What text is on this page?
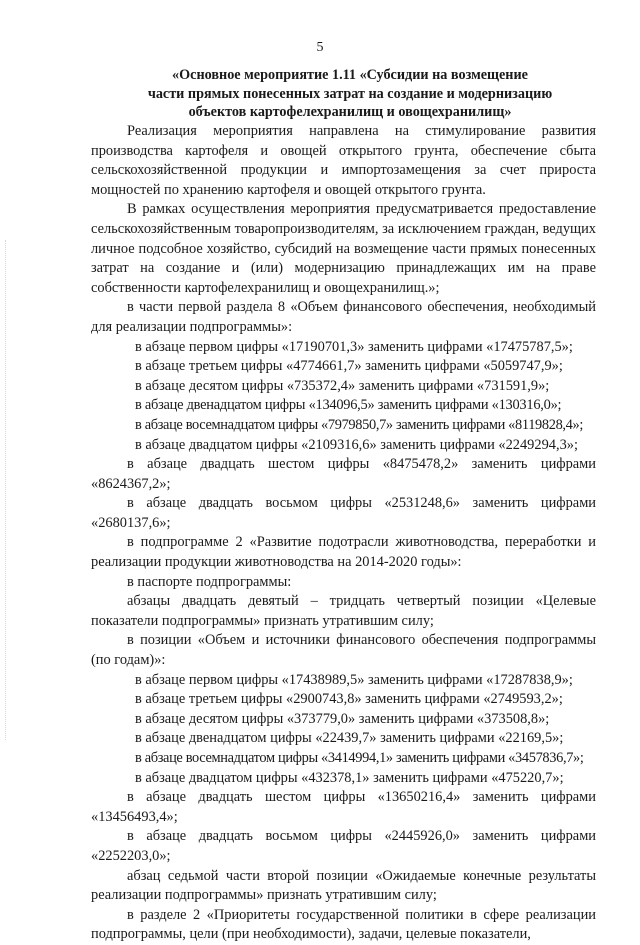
5
«Основное мероприятие 1.11 «Субсидии на возмещение
части прямых понесенных затрат на создание и модернизацию
объектов картофелехранилищ и овощехранилищ»

Реализация мероприятия направлена на стимулирование развития производства картофеля и овощей открытого грунта, обеспечение сбыта сельскохозяйственной продукции и импортозамещения за счет прироста мощностей по хранению картофеля и овощей открытого грунта.

В рамках осуществления мероприятия предусматривается предоставление сельскохозяйственным товаропроизводителям, за исключением граждан, ведущих личное подсобное хозяйство, субсидий на возмещение части прямых понесенных затрат на создание и (или) модернизацию принадлежащих им на праве собственности картофелехранилищ и овощехранилищ.»;

в части первой раздела 8 «Объем финансового обеспечения, необходимый для реализации подпрограммы»:

в абзаце первом цифры «17190701,3» заменить цифрами «17475787,5»;

в абзаце третьем цифры «4774661,7» заменить цифрами «5059747,9»;

в абзаце десятом цифры «735372,4» заменить цифрами «731591,9»;

в абзаце двенадцатом цифры «134096,5» заменить цифрами «130316,0»;

в абзаце восемнадцатом цифры «7979850,7» заменить цифрами «8119828,4»;

в абзаце двадцатом цифры «2109316,6» заменить цифрами «2249294,3»;

в абзаце двадцать шестом цифры «8475478,2» заменить цифрами «8624367,2»;

в абзаце двадцать восьмом цифры «2531248,6» заменить цифрами «2680137,6»;

в подпрограмме 2 «Развитие подотрасли животноводства, переработки и реализации продукции животноводства на 2014-2020 годы»:

в паспорте подпрограммы:

абзацы двадцать девятый – тридцать четвертый позиции «Целевые показатели подпрограммы» признать утратившим силу;

в позиции «Объем и источники финансового обеспечения подпрограммы (по годам)»:

в абзаце первом цифры «17438989,5» заменить цифрами «17287838,9»;

в абзаце третьем цифры «2900743,8» заменить цифрами «2749593,2»;

в абзаце десятом цифры «373779,0» заменить цифрами «373508,8»;

в абзаце двенадцатом цифры «22439,7» заменить цифрами «22169,5»;

в абзаце восемнадцатом цифры «3414994,1» заменить цифрами «3457836,7»;

в абзаце двадцатом цифры «432378,1» заменить цифрами «475220,7»;

в абзаце двадцать шестом цифры «13650216,4» заменить цифрами «13456493,4»;

в абзаце двадцать восьмом цифры «2445926,0» заменить цифрами «2252203,0»;

абзац седьмой части второй позиции «Ожидаемые конечные результаты реализации подпрограммы» признать утратившим силу;

в разделе 2 «Приоритеты государственной политики в сфере реализации подпрограммы, цели (при необходимости), задачи, целевые показатели,
